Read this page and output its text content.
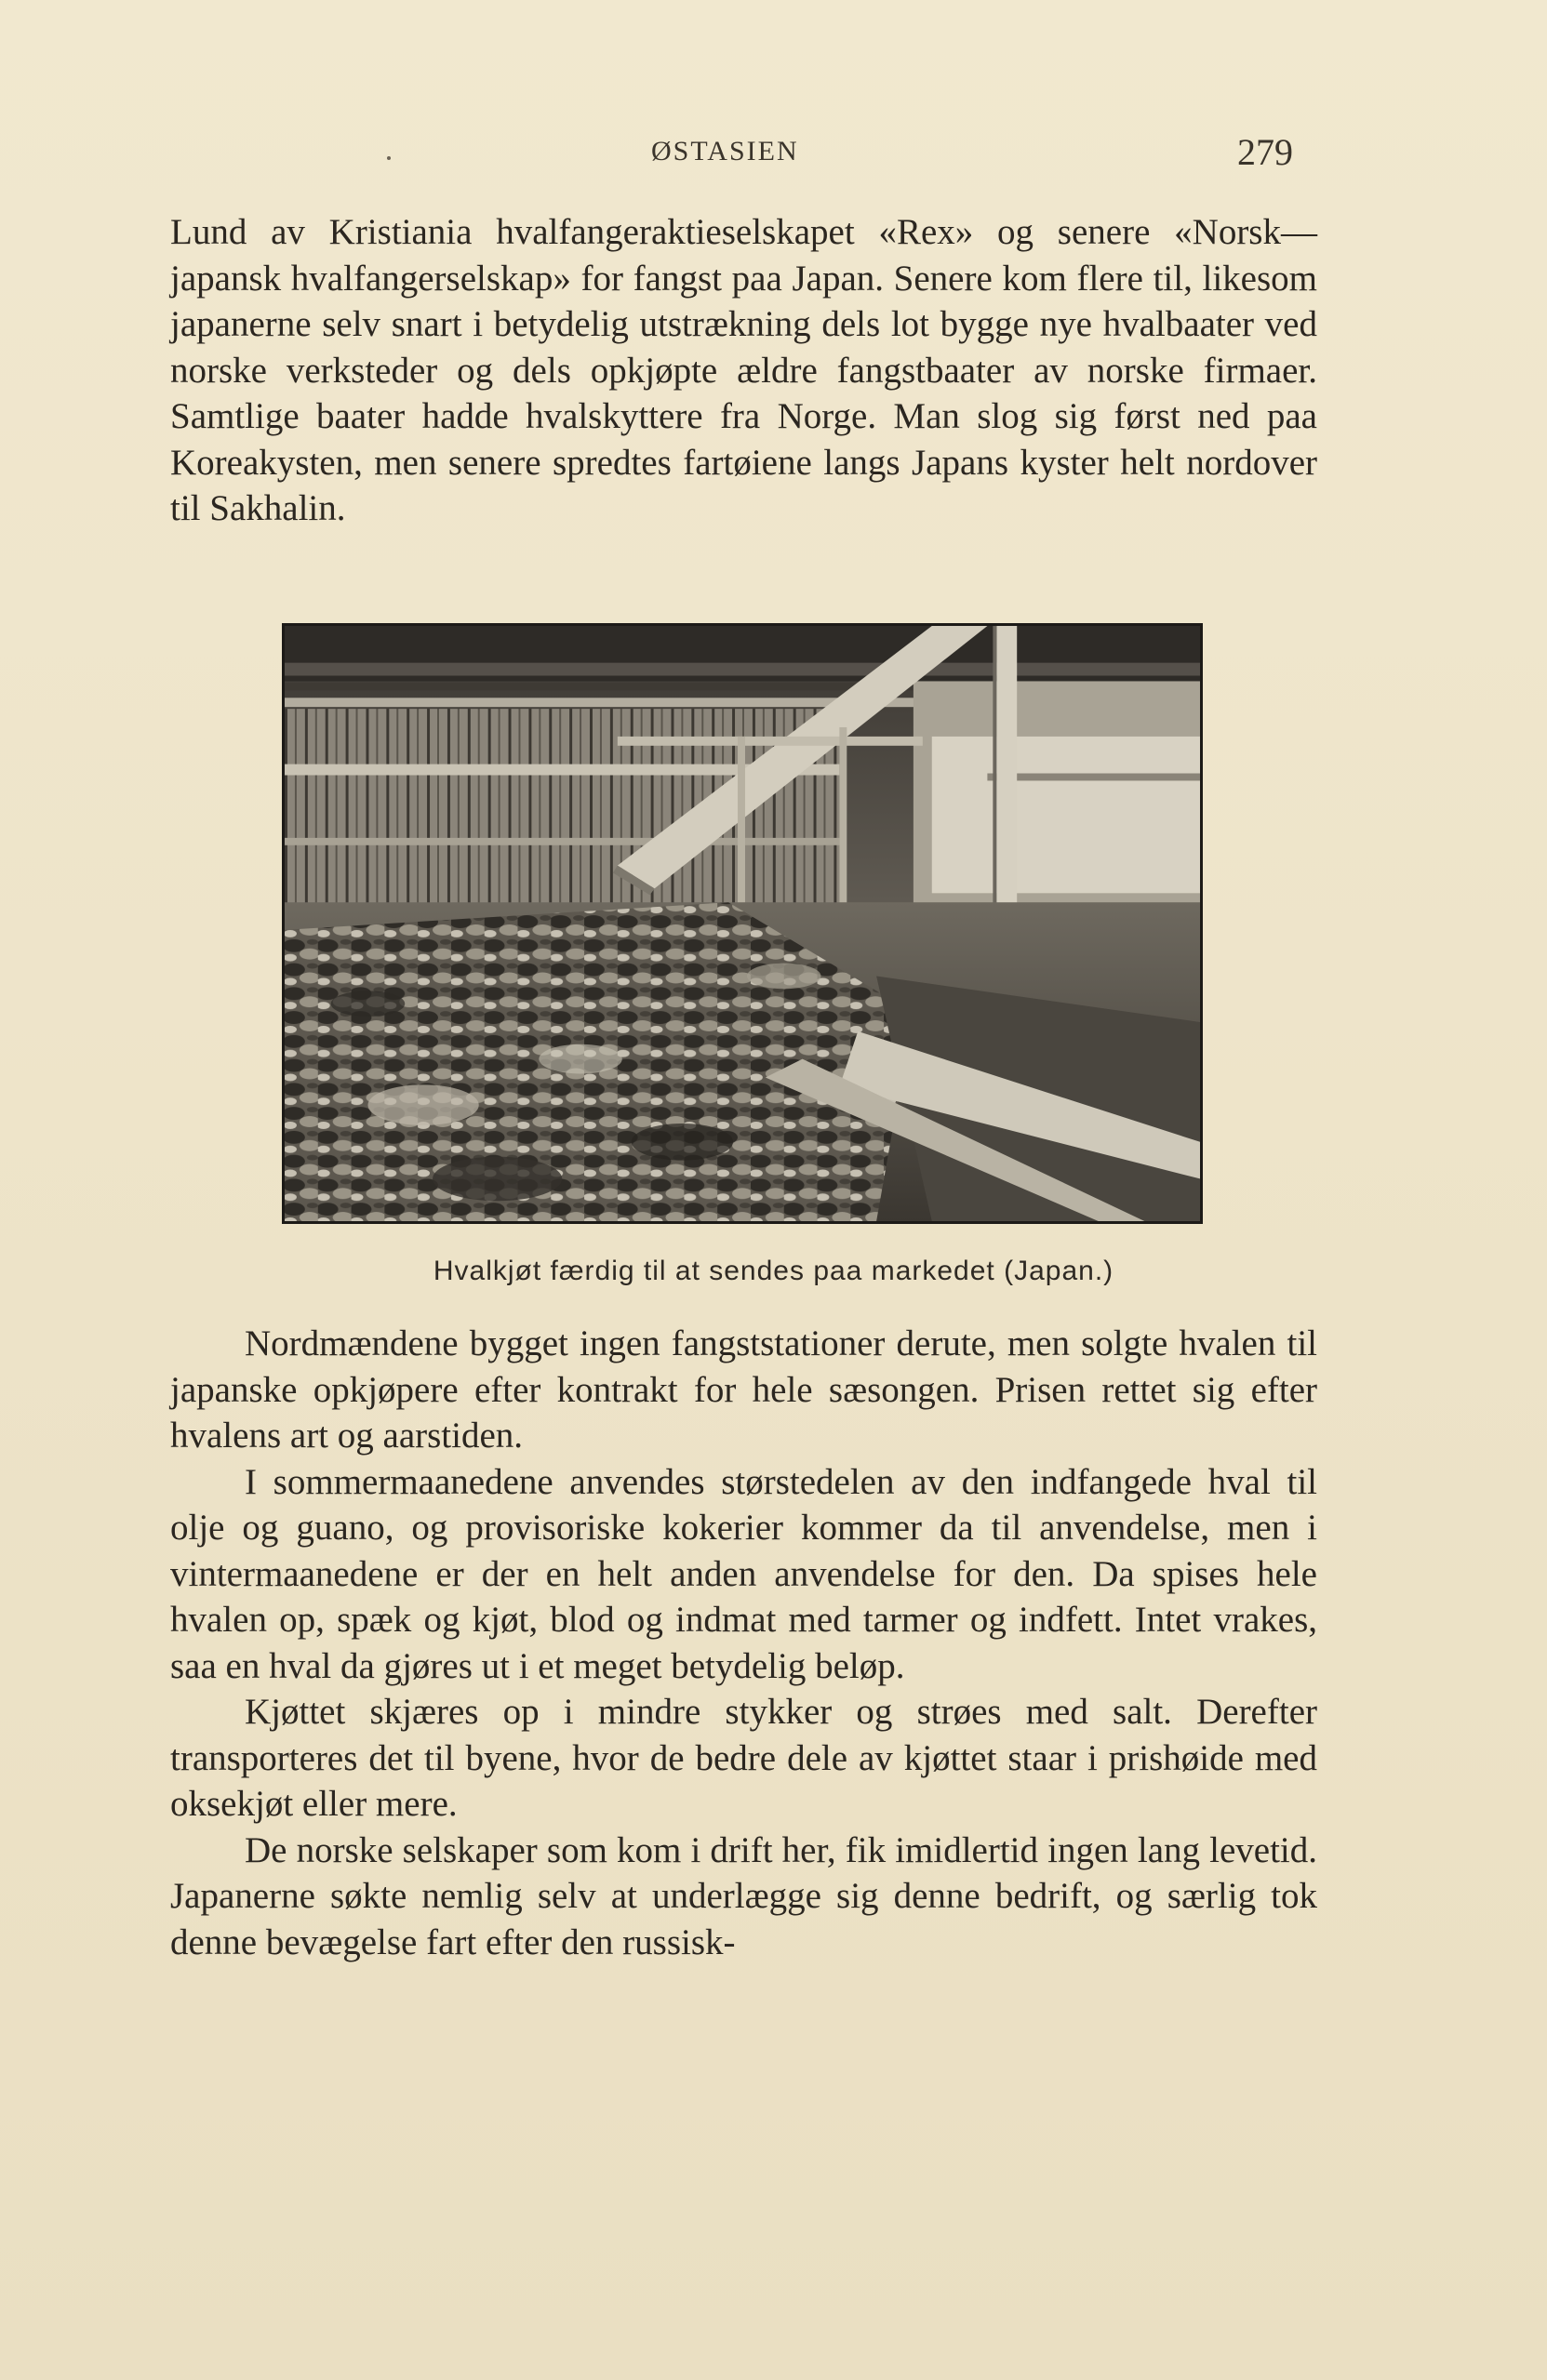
ØSTASIEN	279

Lund av Kristiania hvalfangeraktieselskapet «Rex» og senere «Norsk—japansk hvalfangerselskap» for fangst paa Japan. Senere kom flere til, likesom japanerne selv snart i betydelig utstrækning dels lot bygge nye hvalbaater ved norske verksteder og dels opkjøpte ældre fangstbaater av norske firmaer. Samtlige baater hadde hvalskyttere fra Norge. Man slog sig først ned paa Koreakysten, men senere spredtes fartøiene langs Japans kyster helt nordover til Sakhalin.

Hvalkjøt færdig til at sendes paa markedet (Japan.)

Nordmændene bygget ingen fangststationer derute, men solgte hvalen til japanske opkjøpere efter kontrakt for hele sæsongen. Prisen rettet sig efter hvalens art og aarstiden.

I sommermaanedene anvendes størstedelen av den indfangede hval til olje og guano, og provisoriske kokerier kommer da til anvendelse, men i vintermaanedene er der en helt anden anvendelse for den. Da spises hele hvalen op, spæk og kjøt, blod og indmat med tarmer og indfett. Intet vrakes, saa en hval da gjøres ut i et meget betydelig beløp.

Kjøttet skjæres op i mindre stykker og strøes med salt. Derefter transporteres det til byene, hvor de bedre dele av kjøttet staar i prishøide med oksekjøt eller mere.

De norske selskaper som kom i drift her, fik imidlertid ingen lang levetid. Japanerne søkte nemlig selv at underlægge sig denne bedrift, og særlig tok denne bevægelse fart efter den russisk-
